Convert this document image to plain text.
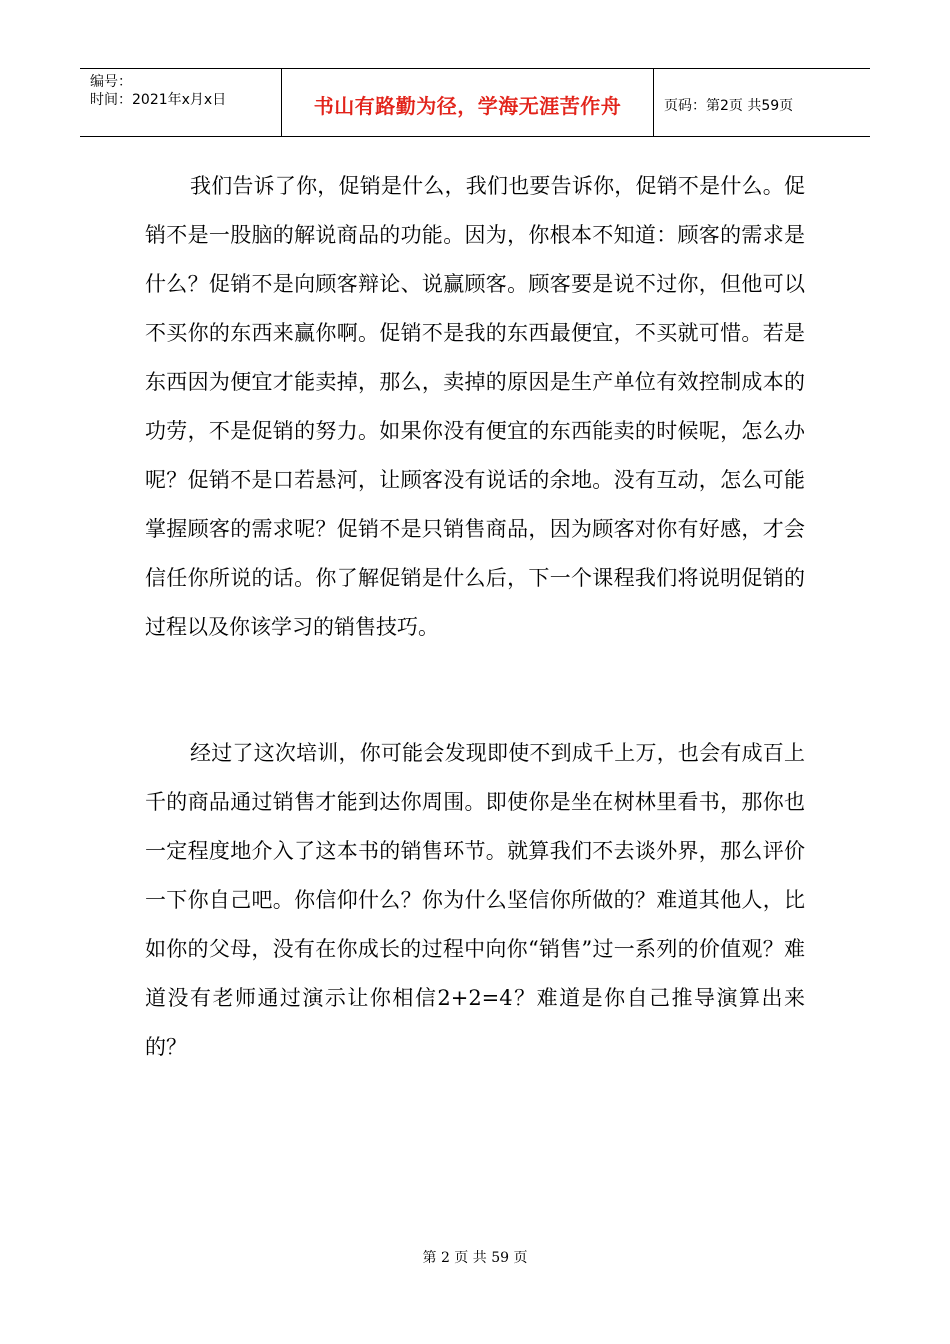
编号：
时间：2021年x月x日	书山有路勤为径，学海无涯苦作舟	页码：第2页 共59页

我们告诉了你，促销是什么，我们也要告诉你，促销不是什么。促销不是一股脑的解说商品的功能。因为，你根本不知道：顾客的需求是什么？促销不是向顾客辩论、说赢顾客。顾客要是说不过你，但他可以不买你的东西来赢你啊。促销不是我的东西最便宜，不买就可惜。若是东西因为便宜才能卖掉，那么，卖掉的原因是生产单位有效控制成本的功劳，不是促销的努力。如果你没有便宜的东西能卖的时候呢，怎么办呢？促销不是口若悬河，让顾客没有说话的余地。没有互动，怎么可能掌握顾客的需求呢？促销不是只销售商品，因为顾客对你有好感，才会信任你所说的话。你了解促销是什么后，下一个课程我们将说明促销的过程以及你该学习的销售技巧。

经过了这次培训，你可能会发现即使不到成千上万，也会有成百上千的商品通过销售才能到达你周围。即使你是坐在树林里看书，那你也一定程度地介入了这本书的销售环节。就算我们不去谈外界，那么评价一下你自己吧。你信仰什么？你为什么坚信你所做的？难道其他人，比如你的父母，没有在你成长的过程中向你“销售”过一系列的价值观？难道没有老师通过演示让你相信2+2=4？难道是你自己推导演算出来的？

第 2 页 共 59 页
